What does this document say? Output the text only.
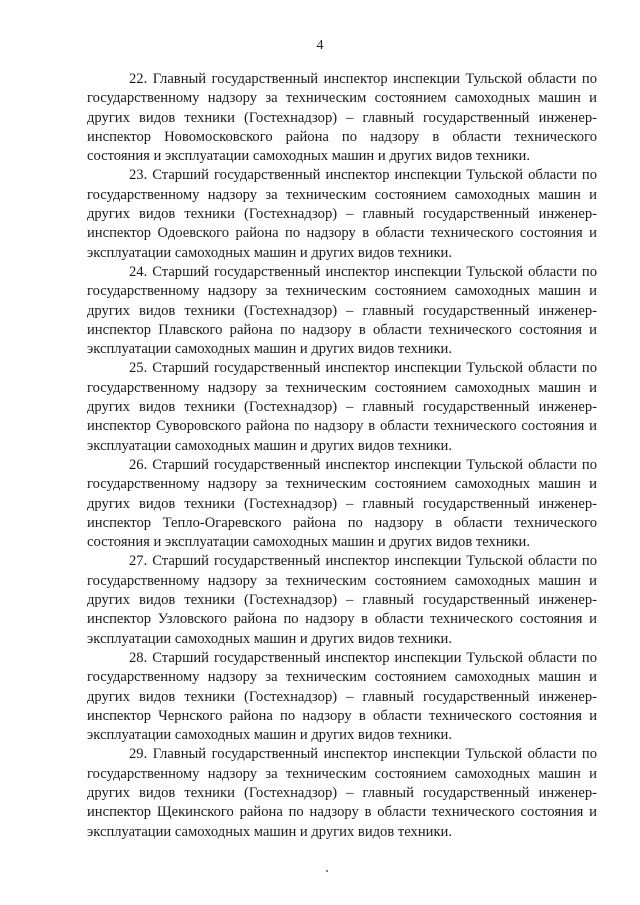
4

22. Главный государственный инспектор инспекции Тульской области по государственному надзору за техническим состоянием самоходных машин и других видов техники (Гостехнадзор) – главный государственный инженер-инспектор Новомосковского района по надзору в области технического состояния и эксплуатации самоходных машин и других видов техники.

23. Старший государственный инспектор инспекции Тульской области по государственному надзору за техническим состоянием самоходных машин и других видов техники (Гостехнадзор) – главный государственный инженер-инспектор Одоевского района по надзору в области технического состояния и эксплуатации самоходных машин и других видов техники.

24. Старший государственный инспектор инспекции Тульской области по государственному надзору за техническим состоянием самоходных машин и других видов техники (Гостехнадзор) – главный государственный инженер-инспектор Плавского района по надзору в области технического состояния и эксплуатации самоходных машин и других видов техники.

25. Старший государственный инспектор инспекции Тульской области по государственному надзору за техническим состоянием самоходных машин и других видов техники (Гостехнадзор) – главный государственный инженер-инспектор Суворовского района по надзору в области технического состояния и эксплуатации самоходных машин и других видов техники.

26. Старший государственный инспектор инспекции Тульской области по государственному надзору за техническим состоянием самоходных машин и других видов техники (Гостехнадзор) – главный государственный инженер-инспектор Тепло-Огаревского района по надзору в области технического состояния и эксплуатации самоходных машин и других видов техники.

27. Старший государственный инспектор инспекции Тульской области по государственному надзору за техническим состоянием самоходных машин и других видов техники (Гостехнадзор) – главный государственный инженер-инспектор Узловского района по надзору в области технического состояния и эксплуатации самоходных машин и других видов техники.

28. Старший государственный инспектор инспекции Тульской области по государственному надзору за техническим состоянием самоходных машин и других видов техники (Гостехнадзор) – главный государственный инженер-инспектор Чернского района по надзору в области технического состояния и эксплуатации самоходных машин и других видов техники.

29. Главный государственный инспектор инспекции Тульской области по государственному надзору за техническим состоянием самоходных машин и других видов техники (Гостехнадзор) – главный государственный инженер-инспектор Щекинского района по надзору в области технического состояния и эксплуатации самоходных машин и других видов техники.
